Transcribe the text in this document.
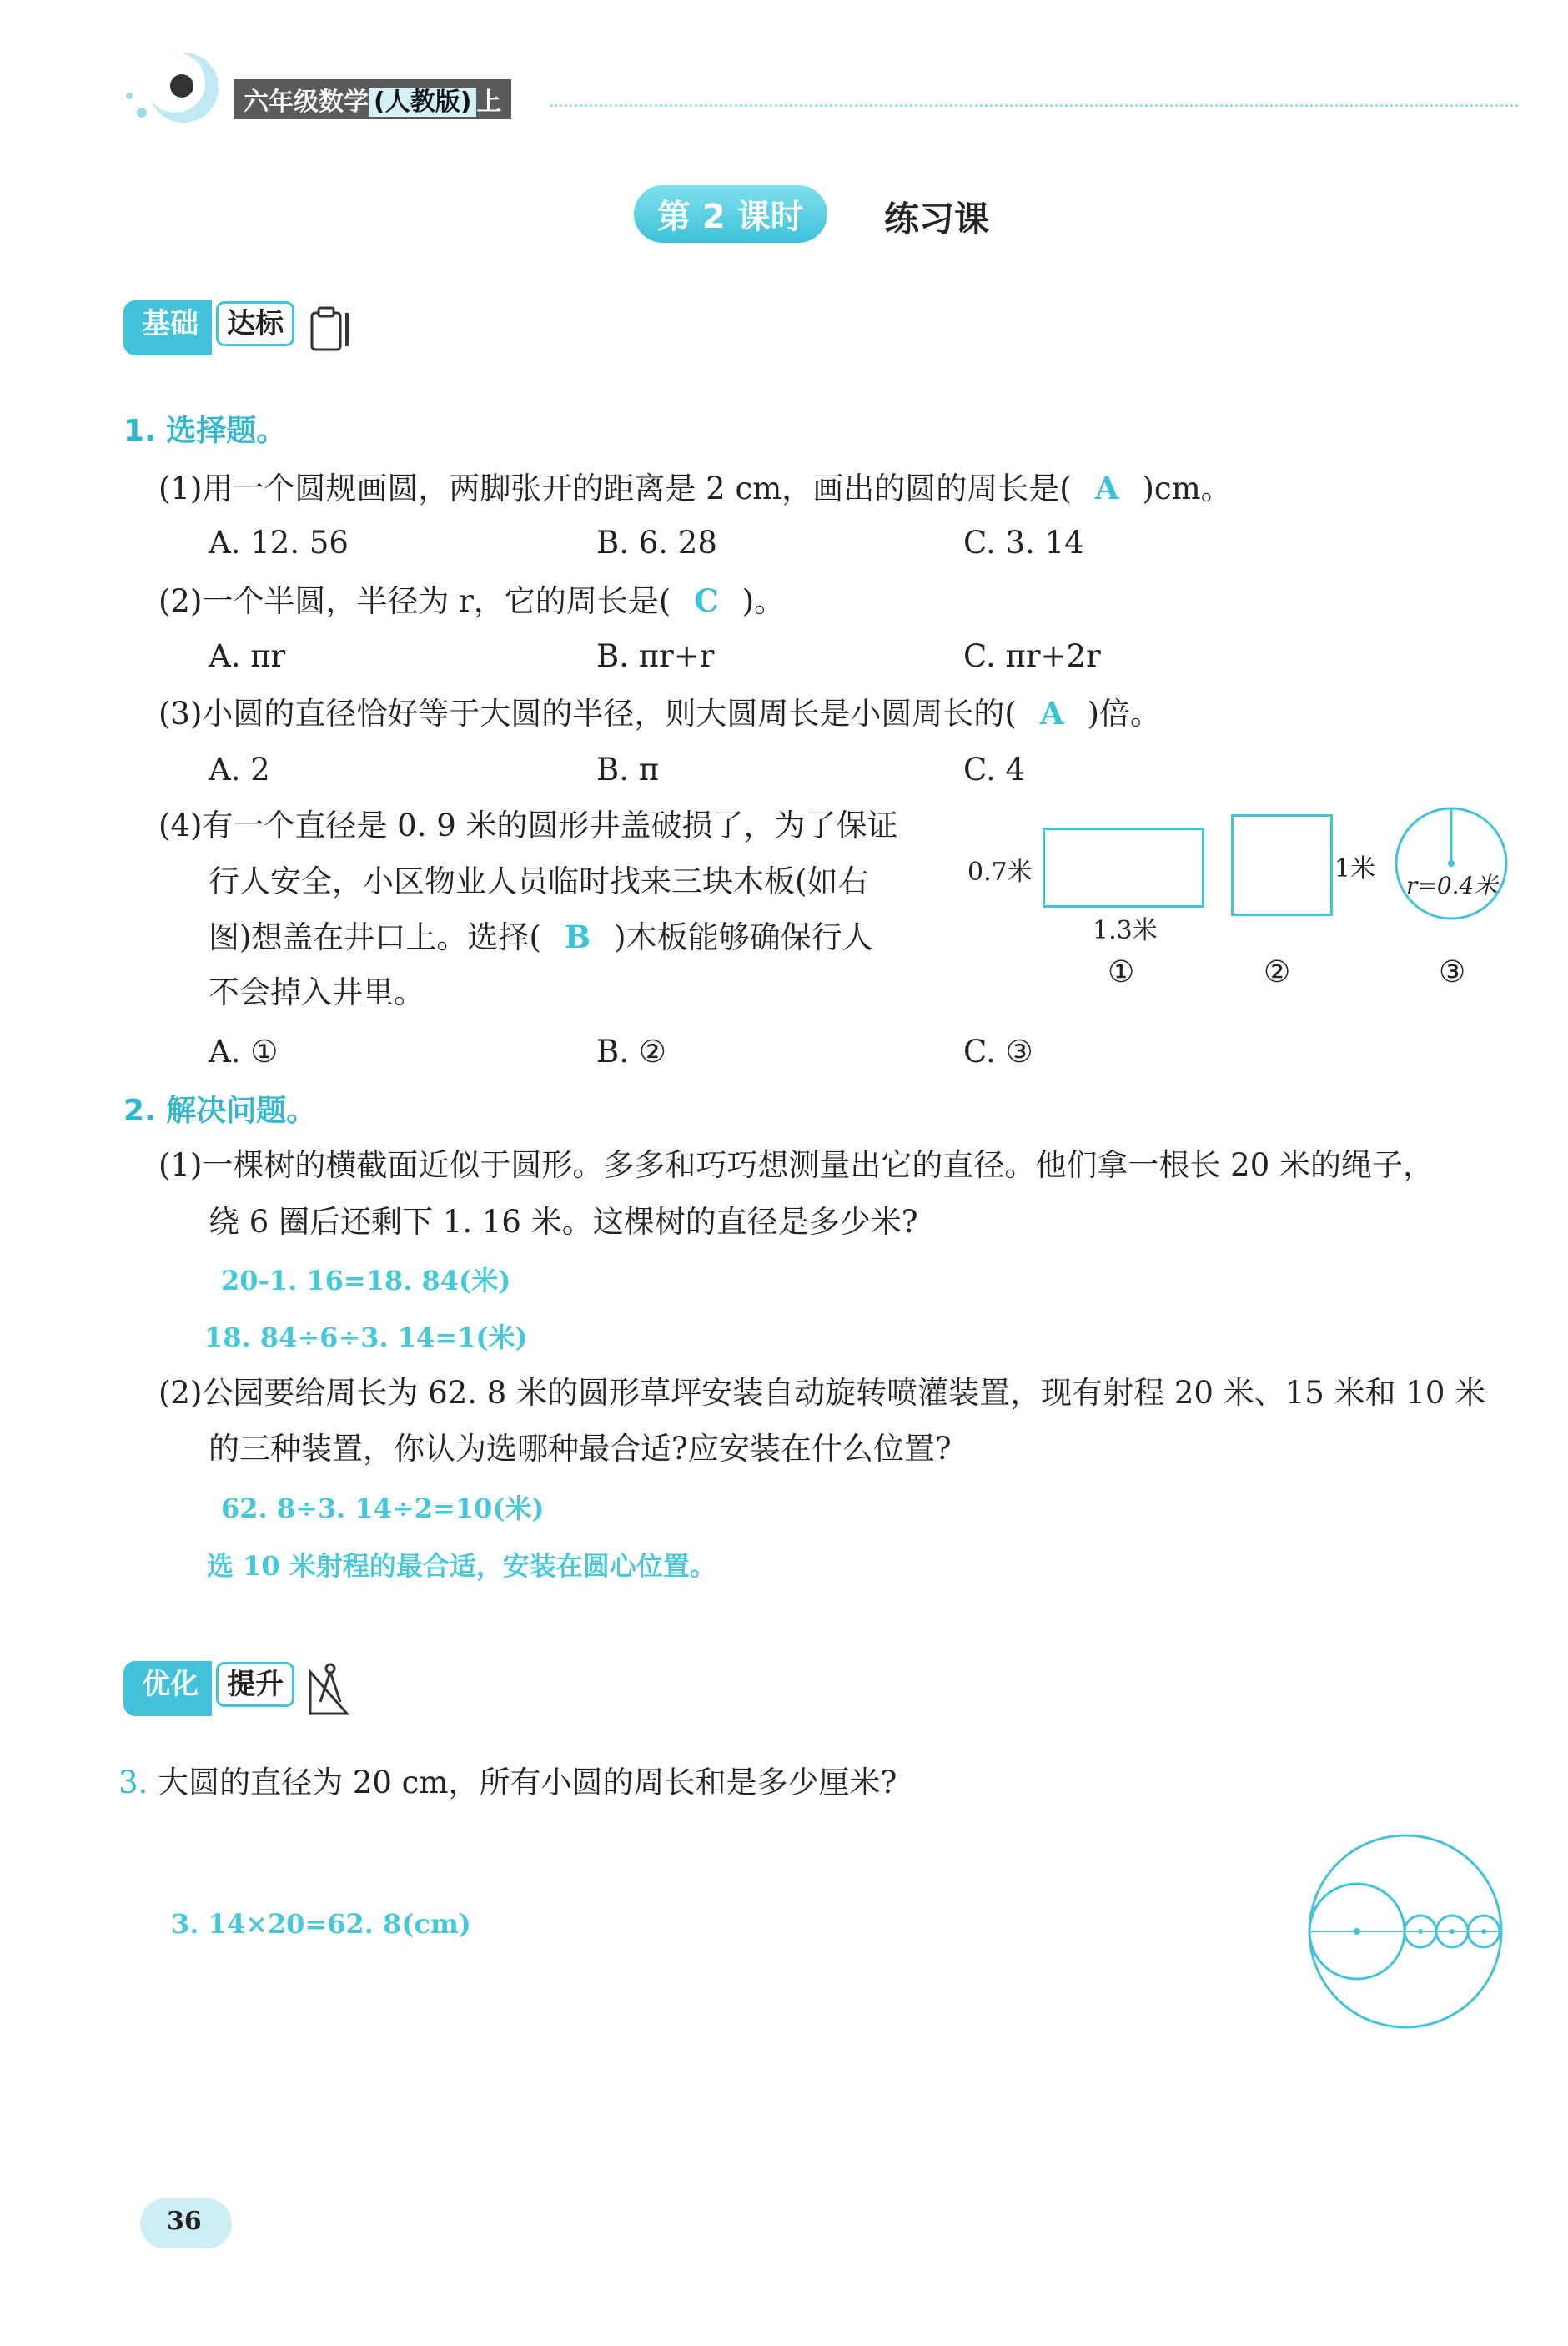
六年级数学 (人教版) 上
第 2 课时	练习课
基础 达标
1. 选择题。
(1)用一个圆规画圆，两脚张开的距离是 2 cm，画出的圆的周长是( A )cm。
A. 12. 56	B. 6. 28	C. 3. 14
(2)一个半圆，半径为 r，它的周长是( C )。
A. πr	B. πr+r	C. πr+2r
(3)小圆的直径恰好等于大圆的半径，则大圆周长是小圆周长的( A )倍。
A. 2	B. π	C. 4
(4)有一个直径是 0. 9 米的圆形井盖破损了，为了保证
行人安全，小区物业人员临时找来三块木板(如右
图)想盖在井口上。选择( B )木板能够确保行人
不会掉入井里。
A. ①	B. ②	C. ③
0.7米
1.3米
1米
r=0.4米
①	②	③
2. 解决问题。
(1)一棵树的横截面近似于圆形。多多和巧巧想测量出它的直径。他们拿一根长 20 米的绳子，
绕 6 圈后还剩下 1. 16 米。这棵树的直径是多少米?
20-1. 16=18. 84(米)
18. 84÷6÷3. 14=1(米)
(2)公园要给周长为 62. 8 米的圆形草坪安装自动旋转喷灌装置，现有射程 20 米、15 米和 10 米
的三种装置，你认为选哪种最合适?应安装在什么位置?
62. 8÷3. 14÷2=10(米)
选 10 米射程的最合适，安装在圆心位置。
优化 提升
3. 大圆的直径为 20 cm，所有小圆的周长和是多少厘米?
3. 14×20=62. 8(cm)
36
